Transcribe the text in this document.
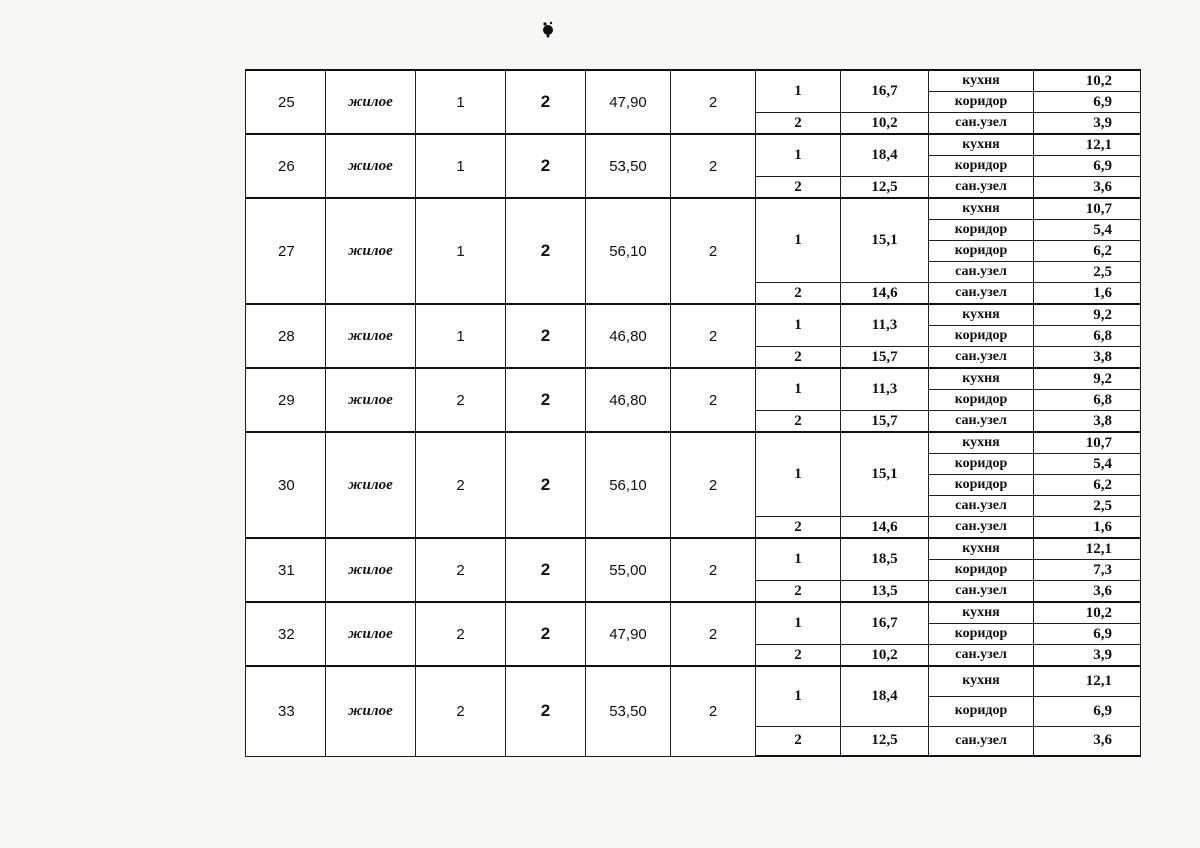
25	жилое	1	2	47,90	2	1	16,7	кухня	10,2
								коридор	6,9
						2	10,2	сан.узел	3,9
26	жилое	1	2	53,50	2	1	18,4	кухня	12,1
								коридор	6,9
						2	12,5	сан.узел	3,6
27	жилое	1	2	56,10	2	1	15,1	кухня	10,7
								коридор	5,4
								коридор	6,2
								сан.узел	2,5
						2	14,6	сан.узел	1,6
28	жилое	1	2	46,80	2	1	11,3	кухня	9,2
								коридор	6,8
						2	15,7	сан.узел	3,8
29	жилое	2	2	46,80	2	1	11,3	кухня	9,2
								коридор	6,8
						2	15,7	сан.узел	3,8
30	жилое	2	2	56,10	2	1	15,1	кухня	10,7
								коридор	5,4
								коридор	6,2
								сан.узел	2,5
						2	14,6	сан.узел	1,6
31	жилое	2	2	55,00	2	1	18,5	кухня	12,1
								коридор	7,3
						2	13,5	сан.узел	3,6
32	жилое	2	2	47,90	2	1	16,7	кухня	10,2
								коридор	6,9
						2	10,2	сан.узел	3,9
33	жилое	2	2	53,50	2	1	18,4	кухня	12,1
								коридор	6,9
						2	12,5	сан.узел	3,6
